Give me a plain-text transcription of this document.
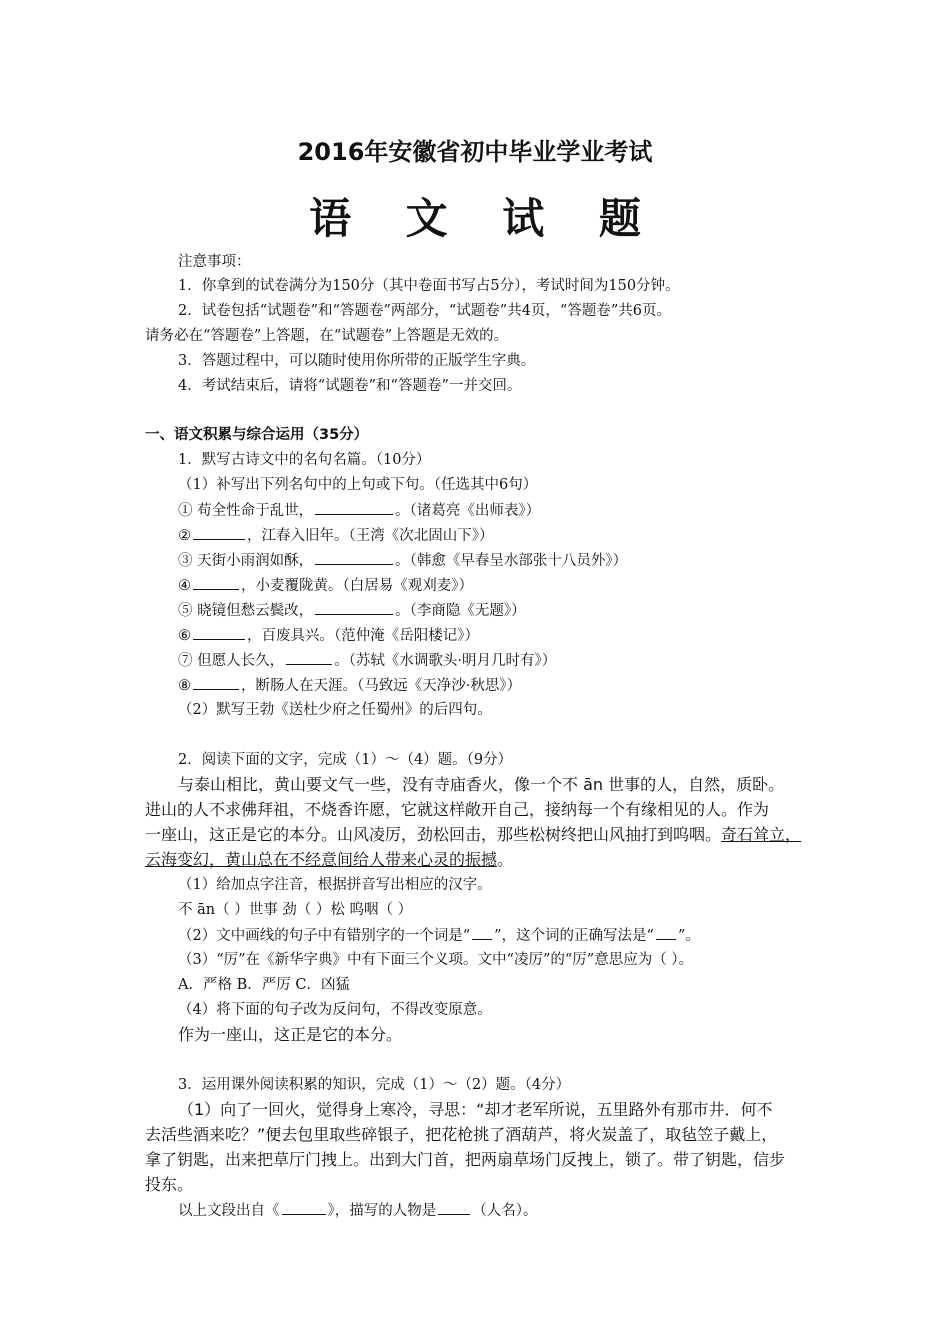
2016年安徽省初中毕业学业考试
语 文 试 题
注意事项：
1．你拿到的试卷满分为150分（其中卷面书写占5分），考试时间为150分钟。
2．试卷包括“试题卷”和“答题卷”两部分，“试题卷”共4页，“答题卷”共6页。
请务必在“答题卷”上答题，在“试题卷”上答题是无效的。
3．答题过程中，可以随时使用你所带的正版学生字典。
4．考试结束后，请将“试题卷”和“答题卷”一并交回。
一、语文积累与综合运用（35分）
1．默写古诗文中的名句名篇。（10分）
（1）补写出下列名句中的上句或下句。（任选其中6句）
① 苟全性命于乱世，	。（诸葛亮《出师表》）
②	，江春入旧年。（王湾《次北固山下》）
③ 天街小雨润如酥，	。（韩愈《早春呈水部张十八员外》）
④	，小麦覆陇黄。（白居易《观刈麦》）
⑤ 晓镜但愁云鬓改，	。（李商隐《无题》）
⑥	，百废具兴。（范仲淹《岳阳楼记》）
⑦ 但愿人长久，	。（苏轼《水调歌头·明月几时有》）
⑧	，断肠人在天涯。（马致远《天净沙·秋思》）
（2）默写王勃《送杜少府之任蜀州》的后四句。
2．阅读下面的文字，完成（1）～（4）题。（9分）
与泰山相比，黄山要文气一些，没有寺庙香火，像一个不 ān 世事的人，自然，质卧。
进山的人不求佛拜祖，不烧香许愿，它就这样敞开自己，接纳每一个有缘相见的人。作为
一座山，这正是它的本分。山风凌厉，劲松回击，那些松树终把山风抽打到呜咽。奇石耸立，
云海变幻，黄山总在不经意间给人带来心灵的振撼。
（1）给加点字注音，根据拼音写出相应的汉字。
不 ān（ ）世事 劲（ ）松 呜咽（ ）
（2）文中画线的句子中有错别字的一个词是“ ”，这个词的正确写法是“ ”。
（3）“厉”在《新华字典》中有下面三个义项。文中“凌厉”的“厉”意思应为（ ）。
A．严格 B．严厉 C．凶猛
（4）将下面的句子改为反问句，不得改变原意。
作为一座山，这正是它的本分。
3．运用课外阅读积累的知识，完成（1）～（2）题。（4分）
（1）向了一回火，觉得身上寒冷，寻思：“却才老军所说，五里路外有那市井．何不
去活些酒来吃？”便去包里取些碎银子，把花枪挑了酒葫芦，将火炭盖了，取毡笠子戴上，
拿了钥匙，出来把草厅门拽上。出到大门首，把两扇草场门反拽上，锁了。带了钥匙，信步
投东。
以上文段出自《	》，描写的人物是 （人名）。
